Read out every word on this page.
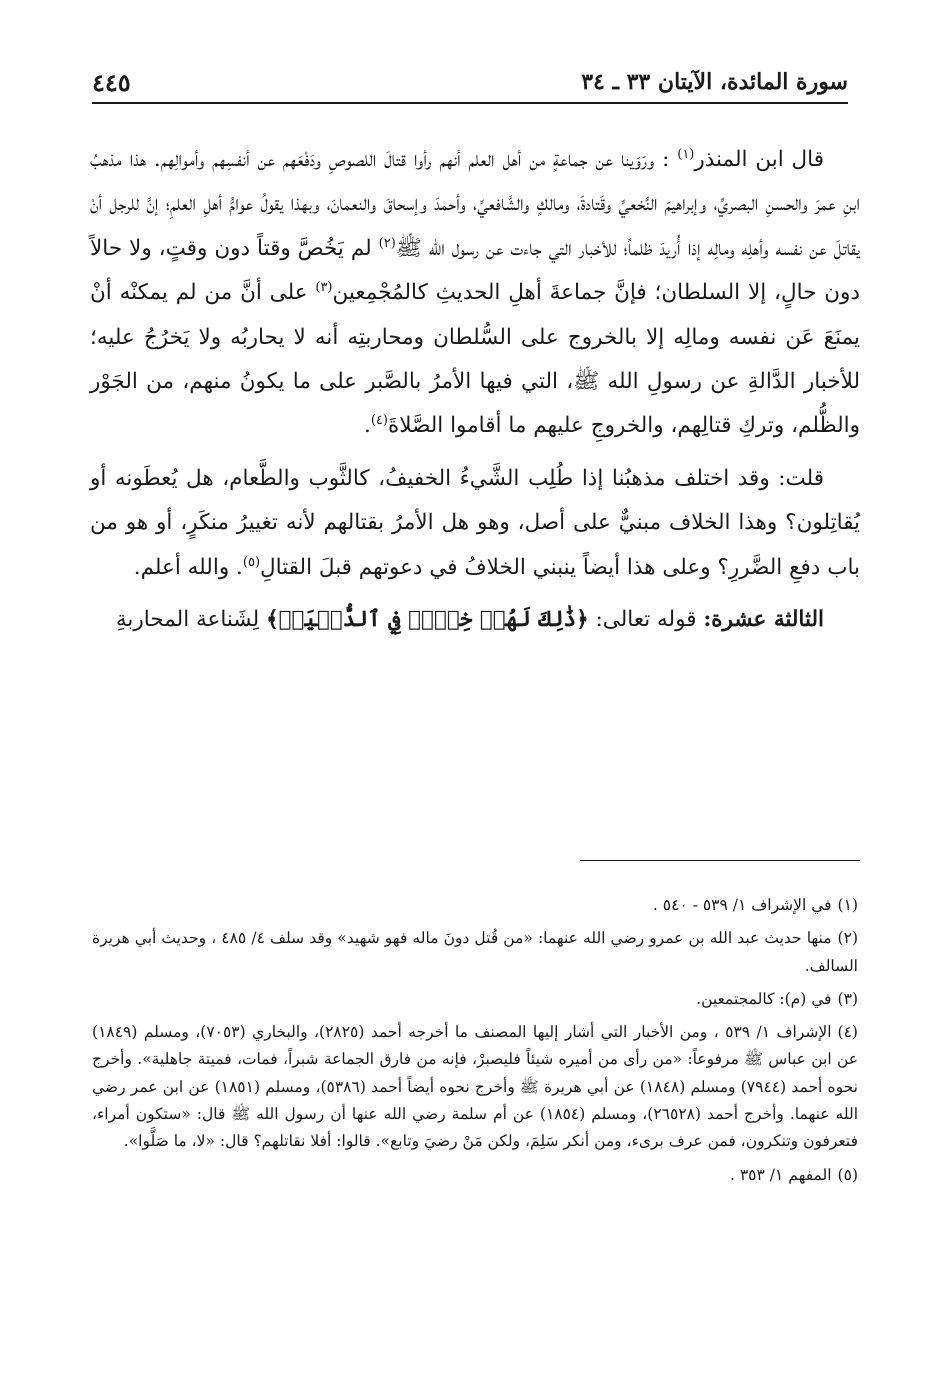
سورة المائدة، الآيتان ٣٣ ـ ٣٤
٤٤٥

قال ابن المنذر$^{(١)}$ : ورَوَينا عن جماعةٍ من أهل العلم أنهم رأوا قتالَ اللصوصِ ودَفْعَهم عن أنفسِهم وأموالِهم. هذا مذهبُ ابنِ عمرَ والحسنِ البصريِّ، وإبراهيمَ النَّخعيِّ وقَتادةَ، ومالكٍ والشَّافعيِّ، وأحمدَ وإسحاقَ والنعمانَ، وبهذا يقولُ عوامُّ أهلِ العلمِ؛ إنَّ للرجل أنْ يقاتلَ عن نفسه وأهلِه ومالِه إذا أُريدَ ظلماً؛ للأخبار التي جاءت عن رسول الله ﷺ$^{(٢)}$ لم يَخُصَّ وقتاً دون وقتٍ، ولا حالاً دون حالٍ، إلا السلطان؛ فإنَّ جماعةَ أهلِ الحديثِ كالمُجْمِعين$^{(٣)}$ على أنَّ من لم يمكنْه أنْ يمنَعَ عَن نفسه ومالِه إلا بالخروج على السُّلطان ومحاربتِه أنه لا يحاربُه ولا يَخرُجُ عليه؛ للأخبار الدَّالةِ عن رسولِ الله ﷺ، التي فيها الأمرُ بالصَّبر على ما يكونُ منهم، من الجَوْر والظُّلم، وتركِ قتالِهم، والخروجِ عليهم ما أقاموا الصَّلاةَ$^{(٤)}$.

قلت: وقد اختلف مذهبُنا إذا طُلِب الشَّيءُ الخفيفُ، كالثَّوب والطَّعام، هل يُعطَونه أو يُقاتِلون؟ وهذا الخلاف مبنيٌّ على أصل، وهو هل الأمرُ بقتالهم لأنه تغييرُ منكَرٍ، أو هو من باب دفعِ الضَّررِ؟ وعلى هذا أيضاً ينبني الخلافُ في دعوتهم قبلَ القتالِ$^{(٥)}$. والله أعلم.

الثالثة عشرة: قوله تعالى: ﴿ذَٰلِكَ لَهُمۡ خِزۡيٞ فِي ٱلدُّنۡيَاۖ﴾ لِشَناعة المحاربةِ

(١)في الإشراف ١/ ٥٣٩ - ٥٤٠ .

(٢)منها حديث عبد الله بن عمرو رضي الله عنهما: «من قُتل دونَ ماله فهو شهيد» وقد سلف ٤/ ٤٨٥ ، وحديث أبي هريرة السالف.

(٣)في (م): كالمجتمعين.

(٤)الإشراف ١/ ٥٣٩ ، ومن الأخبار التي أشار إليها المصنف ما أخرجه أحمد (٢٨٢٥)، والبخاري (٧٠٥٣)، ومسلم (١٨٤٩) عن ابن عباس ﷺ مرفوعاً: «من رأى من أميره شيئاً فليصبرْ، فإنه من فارق الجماعة شبراً، فمات، فميتة جاهلية». وأخرج نحوه أحمد (٧٩٤٤) ومسلم (١٨٤٨) عن أبي هريرة ﷺ وأخرج نحوه أيضاً أحمد (٥٣٨٦)، ومسلم (١٨٥١) عن ابن عمر رضي الله عنهما. وأخرج أحمد (٢٦٥٢٨)، ومسلم (١٨٥٤) عن أم سلمة رضي الله عنها أن رسول الله ﷺ قال: «ستكون أمراء، فتعرفون وتنكرون، فمن عرف برىء، ومن أنكر سَلِمَ، ولكن مَنْ رضيَ وتابع». قالوا: أفلا نقاتلهم؟ قال: «لا، ما صَلَّوا».

(٥)المفهم ١/ ٣٥٣ .
